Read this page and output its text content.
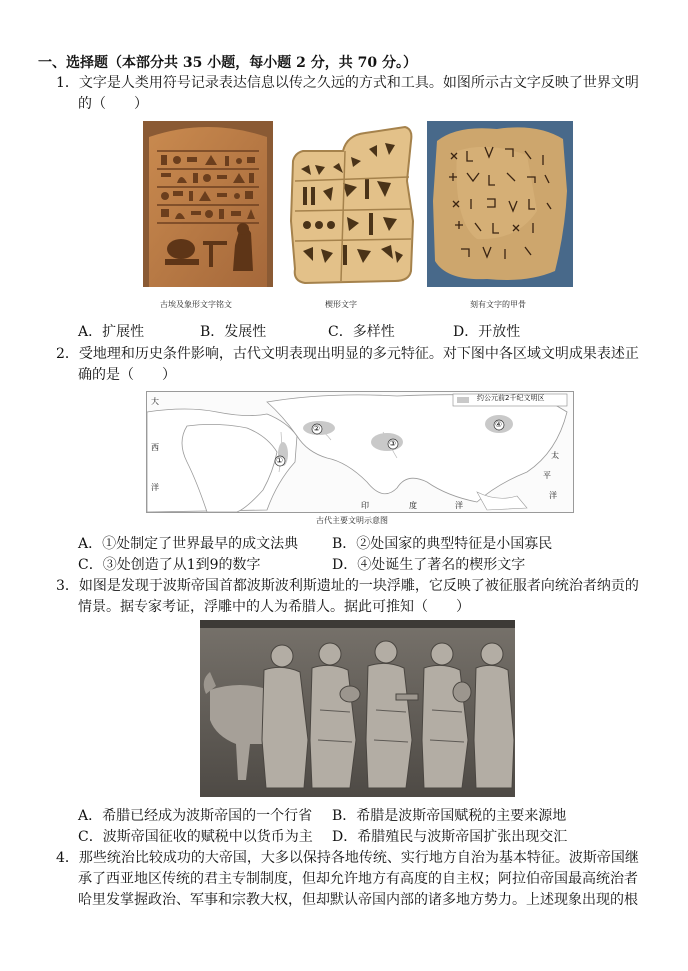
一、选择题（本部分共 35 小题，每小题 2 分，共 70 分。）
1．文字是人类用符号记录表达信息以传之久远的方式和工具。如图所示古文字反映了世界文明
的（　　）
古埃及象形文字铭文	楔形文字	刻有文字的甲骨
A．扩展性	B．发展性	C．多样性	D．开放性
2．受地理和历史条件影响，古代文明表现出明显的多元特征。对下图中各区域文明成果表述正
确的是（　　）
约公元前2千纪文明区
①
②
③
④
大
西
洋
太
平
洋
印	度	洋
古代主要文明示意图
A．①处制定了世界最早的成文法典 B．②处国家的典型特征是小国寡民
C．③处创造了从1到9的数字	D．④处诞生了著名的楔形文字
3．如图是发现于波斯帝国首都波斯波利斯遗址的一块浮雕，它反映了被征服者向统治者纳贡的
情景。据专家考证，浮雕中的人为希腊人。据此可推知（　　）
A．希腊已经成为波斯帝国的一个行省 B．希腊是波斯帝国赋税的主要来源地
C．波斯帝国征收的赋税中以货币为主 D．希腊殖民与波斯帝国扩张出现交汇
4．那些统治比较成功的大帝国，大多以保持各地传统、实行地方自治为基本特征。波斯帝国继
承了西亚地区传统的君主专制制度，但却允许地方有高度的自主权；阿拉伯帝国最高统治者
哈里发掌握政治、军事和宗教大权，但却默认帝国内部的诸多地方势力。上述现象出现的根
